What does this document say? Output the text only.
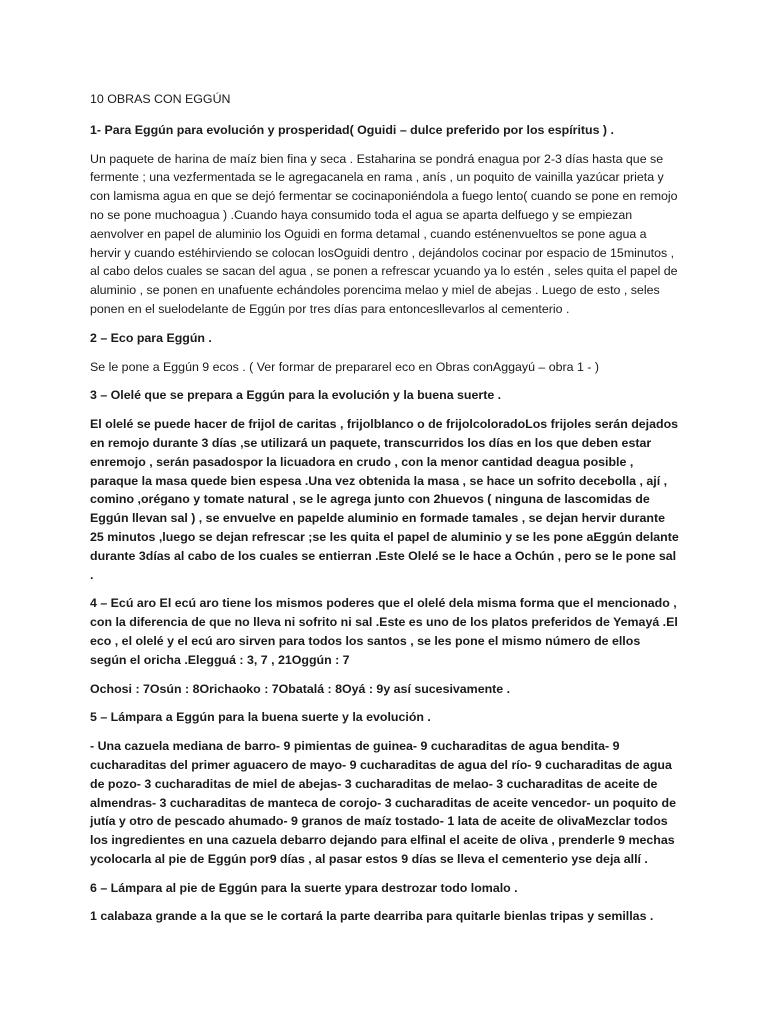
10 OBRAS CON EGGÚN

1- Para Eggún para evolución y prosperidad( Oguidi – dulce preferido por los espíritus ) .

Un paquete de harina de maíz bien fina y seca . Estaharina se pondrá enagua por 2-3 días hasta que se fermente ; una vezfermentada se le agregacanela en rama , anís , un poquito de vainilla yazúcar prieta y con lamisma agua en que se dejó fermentar se cocinaponiéndola a fuego lento( cuando se pone en remojo no se pone muchoagua ) .Cuando haya consumido toda el agua se aparta delfuego y se empiezan aenvolver en papel de aluminio los Oguidi en forma detamal , cuando esténenvueltos se pone agua a hervir y cuando estéhirviendo se colocan losOguidi dentro , dejándolos cocinar por espacio de 15minutos , al cabo delos cuales se sacan del agua , se ponen a refrescar ycuando ya lo estén , seles quita el papel de aluminio , se ponen en unafuente echándoles porencima melao y miel de abejas . Luego de esto , seles ponen en el suelodelante de Eggún por tres días para entoncesllevarlos al cementerio .

2 – Eco para Eggún .

Se le pone a Eggún 9 ecos . ( Ver formar de prepararel eco en Obras conAggayú – obra 1 - )

3 – Olelé que se prepara a Eggún para la evolución y la buena suerte .

El olelé se puede hacer de frijol de caritas , frijolblanco o de frijolcoloradoLos frijoles serán dejados en remojo durante 3 días ,se utilizará un paquete, transcurridos los días en los que deben estar enremojo , serán pasadospor la licuadora en crudo , con la menor cantidad deagua posible , paraque la masa quede bien espesa .Una vez obtenida la masa , se hace un sofrito decebolla , ají , comino ,orégano y tomate natural , se le agrega junto con 2huevos ( ninguna de lascomidas de Eggún llevan sal ) , se envuelve en papelde aluminio en formade tamales , se dejan hervir durante 25 minutos ,luego se dejan refrescar ;se les quita el papel de aluminio y se les pone aEggún delante durante 3días al cabo de los cuales se entierran .Este Olelé se le hace a Ochún , pero se le pone sal .

4 – Ecú aro El ecú aro tiene los mismos poderes que el olelé dela misma forma que el mencionado , con la diferencia de que no lleva ni sofrito ni sal .Este es uno de los platos preferidos de Yemayá .El eco , el olelé y el ecú aro sirven para todos los santos , se les pone el mismo número de ellos según el oricha .Elegguá : 3, 7 , 21Oggún : 7

Ochosi : 7Osún : 8Orichaoko : 7Obatalá : 8Oyá : 9y así sucesivamente .

5 – Lámpara a Eggún para la buena suerte y la evolución .

- Una cazuela mediana de barro- 9 pimientas de guinea- 9 cucharaditas de agua bendita- 9 cucharaditas del primer aguacero de mayo- 9 cucharaditas de agua del río- 9 cucharaditas de agua de pozo- 3 cucharaditas de miel de abejas- 3 cucharaditas de melao- 3 cucharaditas de aceite de almendras- 3 cucharaditas de manteca de corojo- 3 cucharaditas de aceite vencedor- un poquito de jutía y otro de pescado ahumado- 9 granos de maíz tostado- 1 lata de aceite de olivaMezclar todos los ingredientes en una cazuela debarro dejando para elfinal el aceite de oliva , prenderle 9 mechas ycolocarla al pie de Eggún por9 días , al pasar estos 9 días se lleva el cementerio yse deja allí .

6 – Lámpara al pie de Eggún para la suerte ypara destrozar todo lomalo .

1 calabaza grande a la que se le cortará la parte dearriba para quitarle bienlas tripas y semillas .
